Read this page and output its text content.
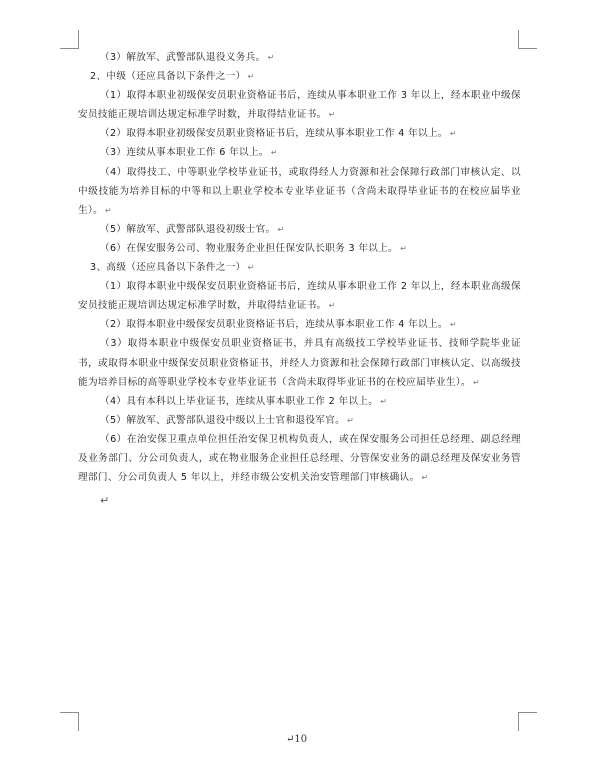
（3）解放军、武警部队退役义务兵。 ↵

2、中级（还应具备以下条件之一） ↵

（1）取得本职业初级保安员职业资格证书后，连续从事本职业工作 3 年以上，经本职业中级保安员技能正规培训达规定标准学时数，并取得结业证书。 ↵

（2）取得本职业初级保安员职业资格证书后，连续从事本职业工作 4 年以上。 ↵

（3）连续从事本职业工作 6 年以上。 ↵

（4）取得技工、中等职业学校毕业证书，或取得经人力资源和社会保障行政部门审核认定、以中级技能为培养目标的中等和以上职业学校本专业毕业证书（含尚未取得毕业证书的在校应届毕业生）。 ↵

（5）解放军、武警部队退役初级士官。 ↵

（6）在保安服务公司、物业服务企业担任保安队长职务 3 年以上。 ↵

3、高级（还应具备以下条件之一） ↵

（1）取得本职业中级保安员职业资格证书后，连续从事本职业工作 2 年以上，经本职业高级保安员技能正规培训达规定标准学时数，并取得结业证书。 ↵

（2）取得本职业中级保安员职业资格证书后，连续从事本职业工作 4 年以上。 ↵

（3）取得本职业中级保安员职业资格证书，并具有高级技工学校毕业证书、技师学院毕业证书，或取得本职业中级保安员职业资格证书，并经人力资源和社会保障行政部门审核认定、以高级技能为培养目标的高等职业学校本专业毕业证书（含尚未取得毕业证书的在校应届毕业生）。 ↵

（4）具有本科以上毕业证书，连续从事本职业工作 2 年以上。 ↵

（5）解放军、武警部队退役中级以上士官和退役军官。 ↵

（6）在治安保卫重点单位担任治安保卫机构负责人，或在保安服务公司担任总经理、副总经理及业务部门、分公司负责人，或在物业服务企业担任总经理、分管保安业务的副总经理及保安业务管理部门、分公司负责人 5 年以上，并经市级公安机关治安管理部门审核确认。 ↵

↵
↵10
